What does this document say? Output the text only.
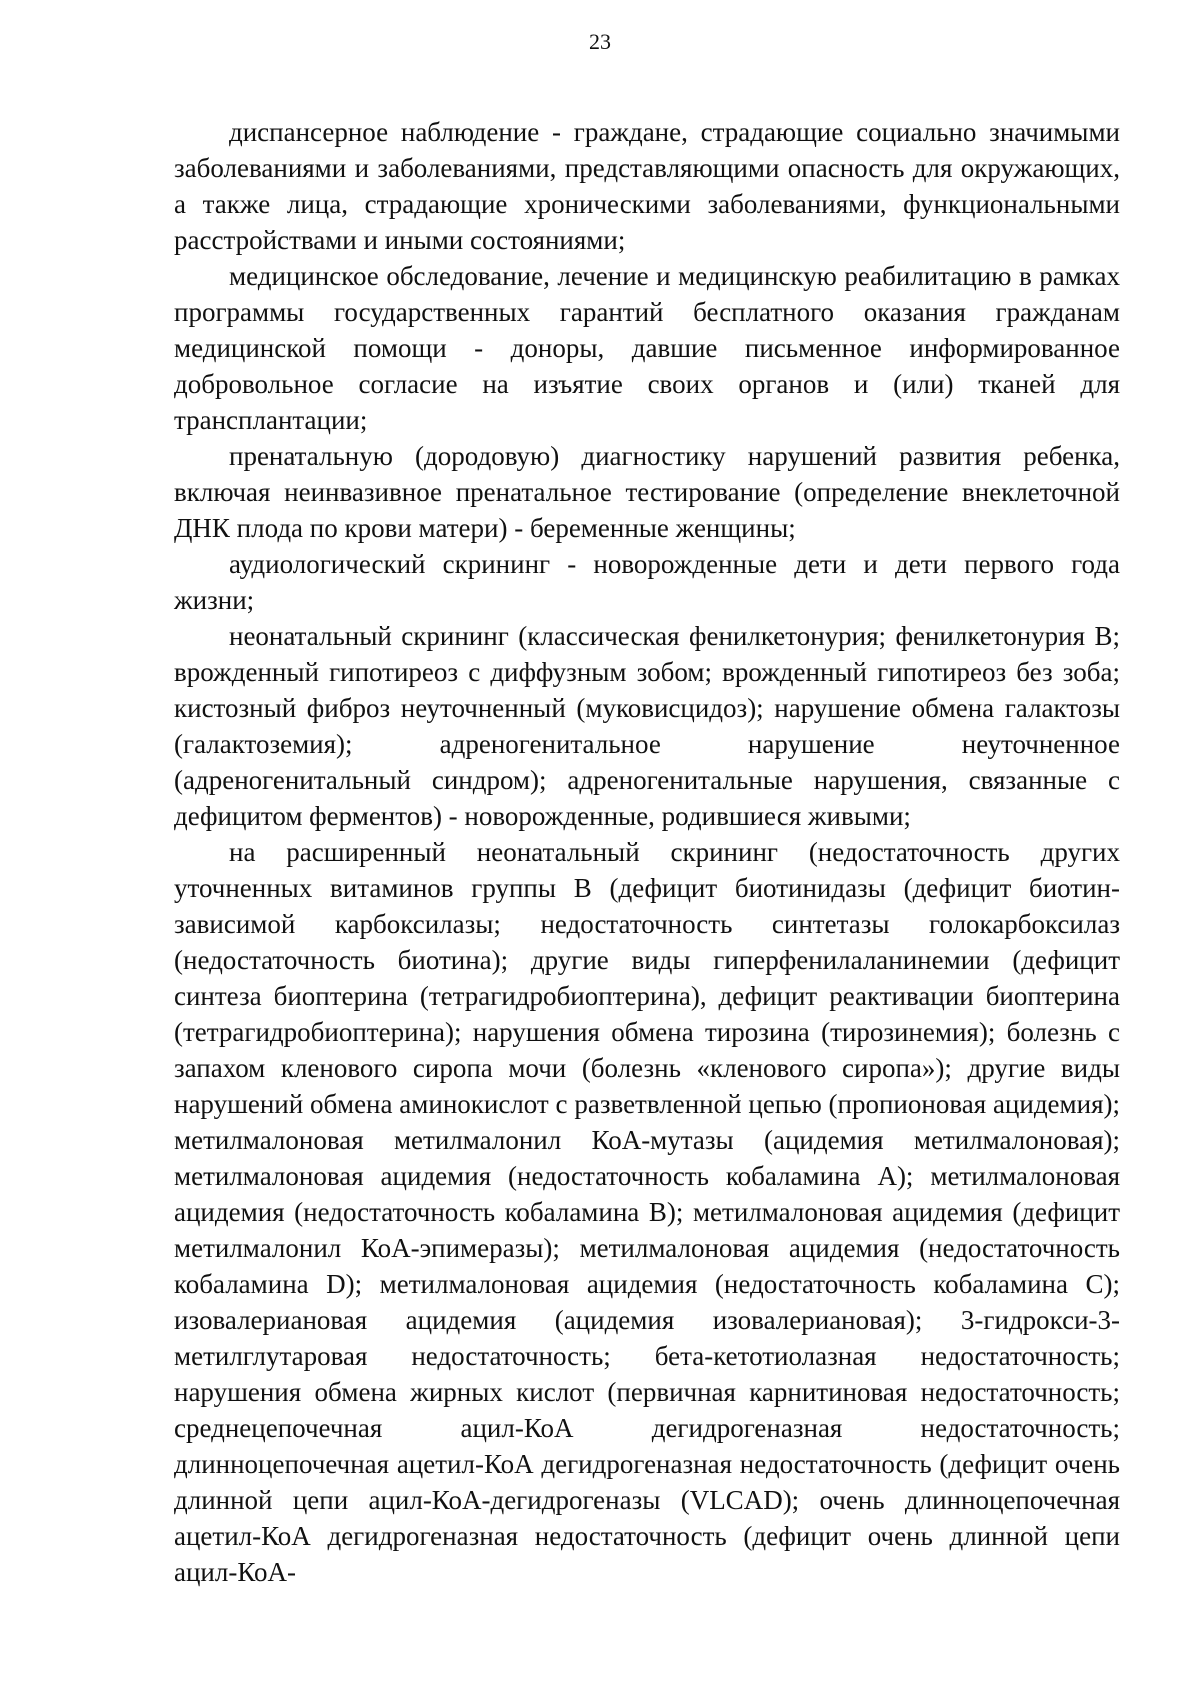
23

диспансерное наблюдение - граждане, страдающие социально значимыми заболеваниями и заболеваниями, представляющими опасность для окружающих, а также лица, страдающие хроническими заболеваниями, функциональными расстройствами и иными состояниями;

медицинское обследование, лечение и медицинскую реабилитацию в рамках программы государственных гарантий бесплатного оказания гражданам медицинской помощи - доноры, давшие письменное информированное добровольное согласие на изъятие своих органов и (или) тканей для трансплантации;

пренатальную (дородовую) диагностику нарушений развития ребенка, включая неинвазивное пренатальное тестирование (определение внеклеточной ДНК плода по крови матери) - беременные женщины;

аудиологический скрининг - новорожденные дети и дети первого года жизни;

неонатальный скрининг (классическая фенилкетонурия; фенилкетонурия B; врожденный гипотиреоз с диффузным зобом; врожденный гипотиреоз без зоба; кистозный фиброз неуточненный (муковисцидоз); нарушение обмена галактозы (галактоземия); адреногенитальное нарушение неуточненное (адреногенитальный синдром); адреногенитальные нарушения, связанные с дефицитом ферментов) - новорожденные, родившиеся живыми;

на расширенный неонатальный скрининг (недостаточность других уточненных витаминов группы B (дефицит биотинидазы (дефицит биотин-зависимой карбоксилазы; недостаточность синтетазы голокарбоксилаз (недостаточность биотина); другие виды гиперфенилаланинемии (дефицит синтеза биоптерина (тетрагидробиоптерина), дефицит реактивации биоптерина (тетрагидробиоптерина); нарушения обмена тирозина (тирозинемия); болезнь с запахом кленового сиропа мочи (болезнь «кленового сиропа»); другие виды нарушений обмена аминокислот с разветвленной цепью (пропионовая ацидемия); метилмалоновая метилмалонил КоА-мутазы (ацидемия метилмалоновая); метилмалоновая ацидемия (недостаточность кобаламина A); метилмалоновая ацидемия (недостаточность кобаламина B); метилмалоновая ацидемия (дефицит метилмалонил КоА-эпимеразы); метилмалоновая ацидемия (недостаточность кобаламина D); метилмалоновая ацидемия (недостаточность кобаламина C); изовалериановая ацидемия (ацидемия изовалериановая); 3-гидрокси-3-метилглутаровая недостаточность; бета-кетотиолазная недостаточность; нарушения обмена жирных кислот (первичная карнитиновая недостаточность; среднецепочечная ацил-КоА дегидрогеназная недостаточность; длинноцепочечная ацетил-КоА дегидрогеназная недостаточность (дефицит очень длинной цепи ацил-КоА-дегидрогеназы (VLCAD); очень длинноцепочечная ацетил-КоА дегидрогеназная недостаточность (дефицит очень длинной цепи ацил-КоА-
